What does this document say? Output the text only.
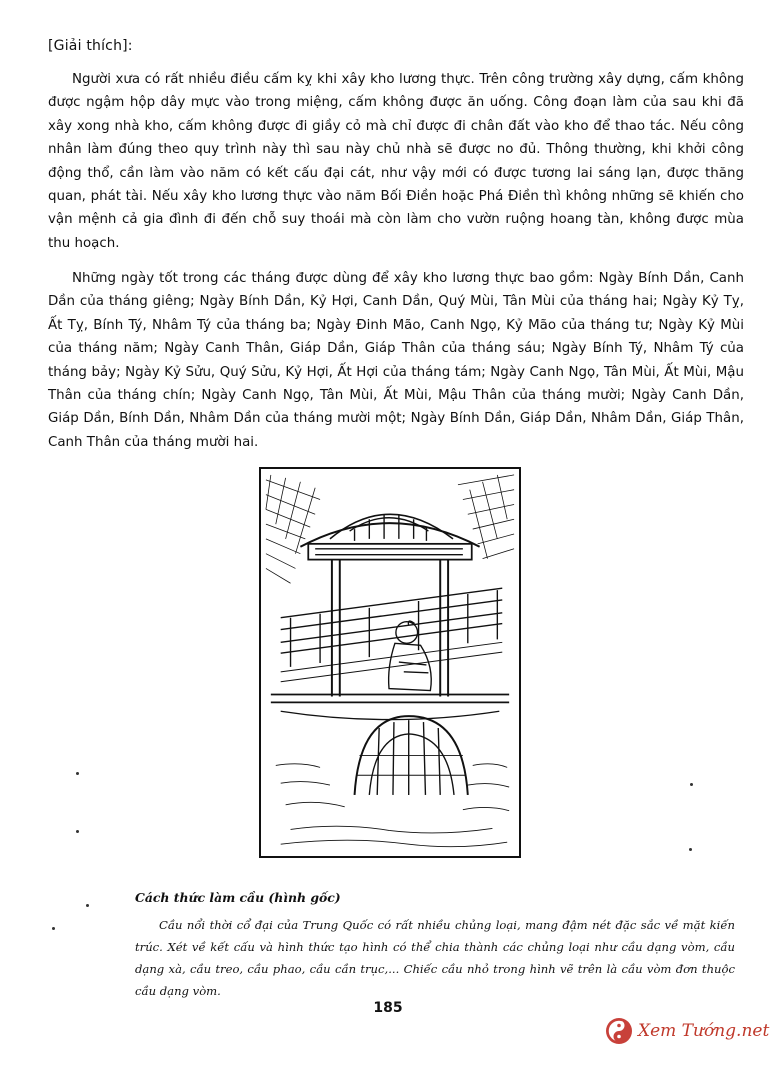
[Giải thích]:

Người xưa có rất nhiều điều cấm kỵ khi xây kho lương thực. Trên công trường xây dựng, cấm không được ngậm hộp dây mực vào trong miệng, cấm không được ăn uống. Công đoạn làm của sau khi đã xây xong nhà kho, cấm không được đi giầy cỏ mà chỉ được đi chân đất vào kho để thao tác. Nếu công nhân làm đúng theo quy trình này thì sau này chủ nhà sẽ được no đủ. Thông thường, khi khởi công động thổ, cần làm vào năm có kết cấu đại cát, như vậy mới có được tương lai sáng lạn, được thăng quan, phát tài. Nếu xây kho lương thực vào năm Bối Điền hoặc Phá Điền thì không những sẽ khiến cho vận mệnh cả gia đình đi đến chỗ suy thoái mà còn làm cho vườn ruộng hoang tàn, không được mùa thu hoạch.

Những ngày tốt trong các tháng được dùng để xây kho lương thực bao gồm: Ngày Bính Dần, Canh Dần của tháng giêng; Ngày Bính Dần, Kỷ Hợi, Canh Dần, Quý Mùi, Tân Mùi của tháng hai; Ngày Kỷ Tỵ, Ất Tỵ, Bính Tý, Nhâm Tý của tháng ba; Ngày Đinh Mão, Canh Ngọ, Kỷ Mão của tháng tư; Ngày Kỷ Mùi của tháng năm; Ngày Canh Thân, Giáp Dần, Giáp Thân của tháng sáu; Ngày Bính Tý, Nhâm Tý của tháng bảy; Ngày Kỷ Sửu, Quý Sửu, Kỷ Hợi, Ất Hợi của tháng tám; Ngày Canh Ngọ, Tân Mùi, Ất Mùi, Mậu Thân của tháng chín; Ngày Canh Ngọ, Tân Mùi, Ất Mùi, Mậu Thân của tháng mười; Ngày Canh Dần, Giáp Dần, Bính Dần, Nhâm Dần của tháng mười một; Ngày Bính Dần, Giáp Dần, Nhâm Dần, Giáp Thân, Canh Thân của tháng mười hai.

Cách thức làm cầu (hình gốc)

Cầu nổi thời cổ đại của Trung Quốc có rất nhiều chủng loại, mang đậm nét đặc sắc về mặt kiến trúc. Xét về kết cấu và hình thức tạo hình có thể chia thành các chủng loại như cầu dạng vòm, cầu dạng xà, cầu treo, cầu phao, cầu cần trục,... Chiếc cầu nhỏ trong hình vẽ trên là cầu vòm đơn thuộc cầu dạng vòm.

185
Xem Tướng.net
